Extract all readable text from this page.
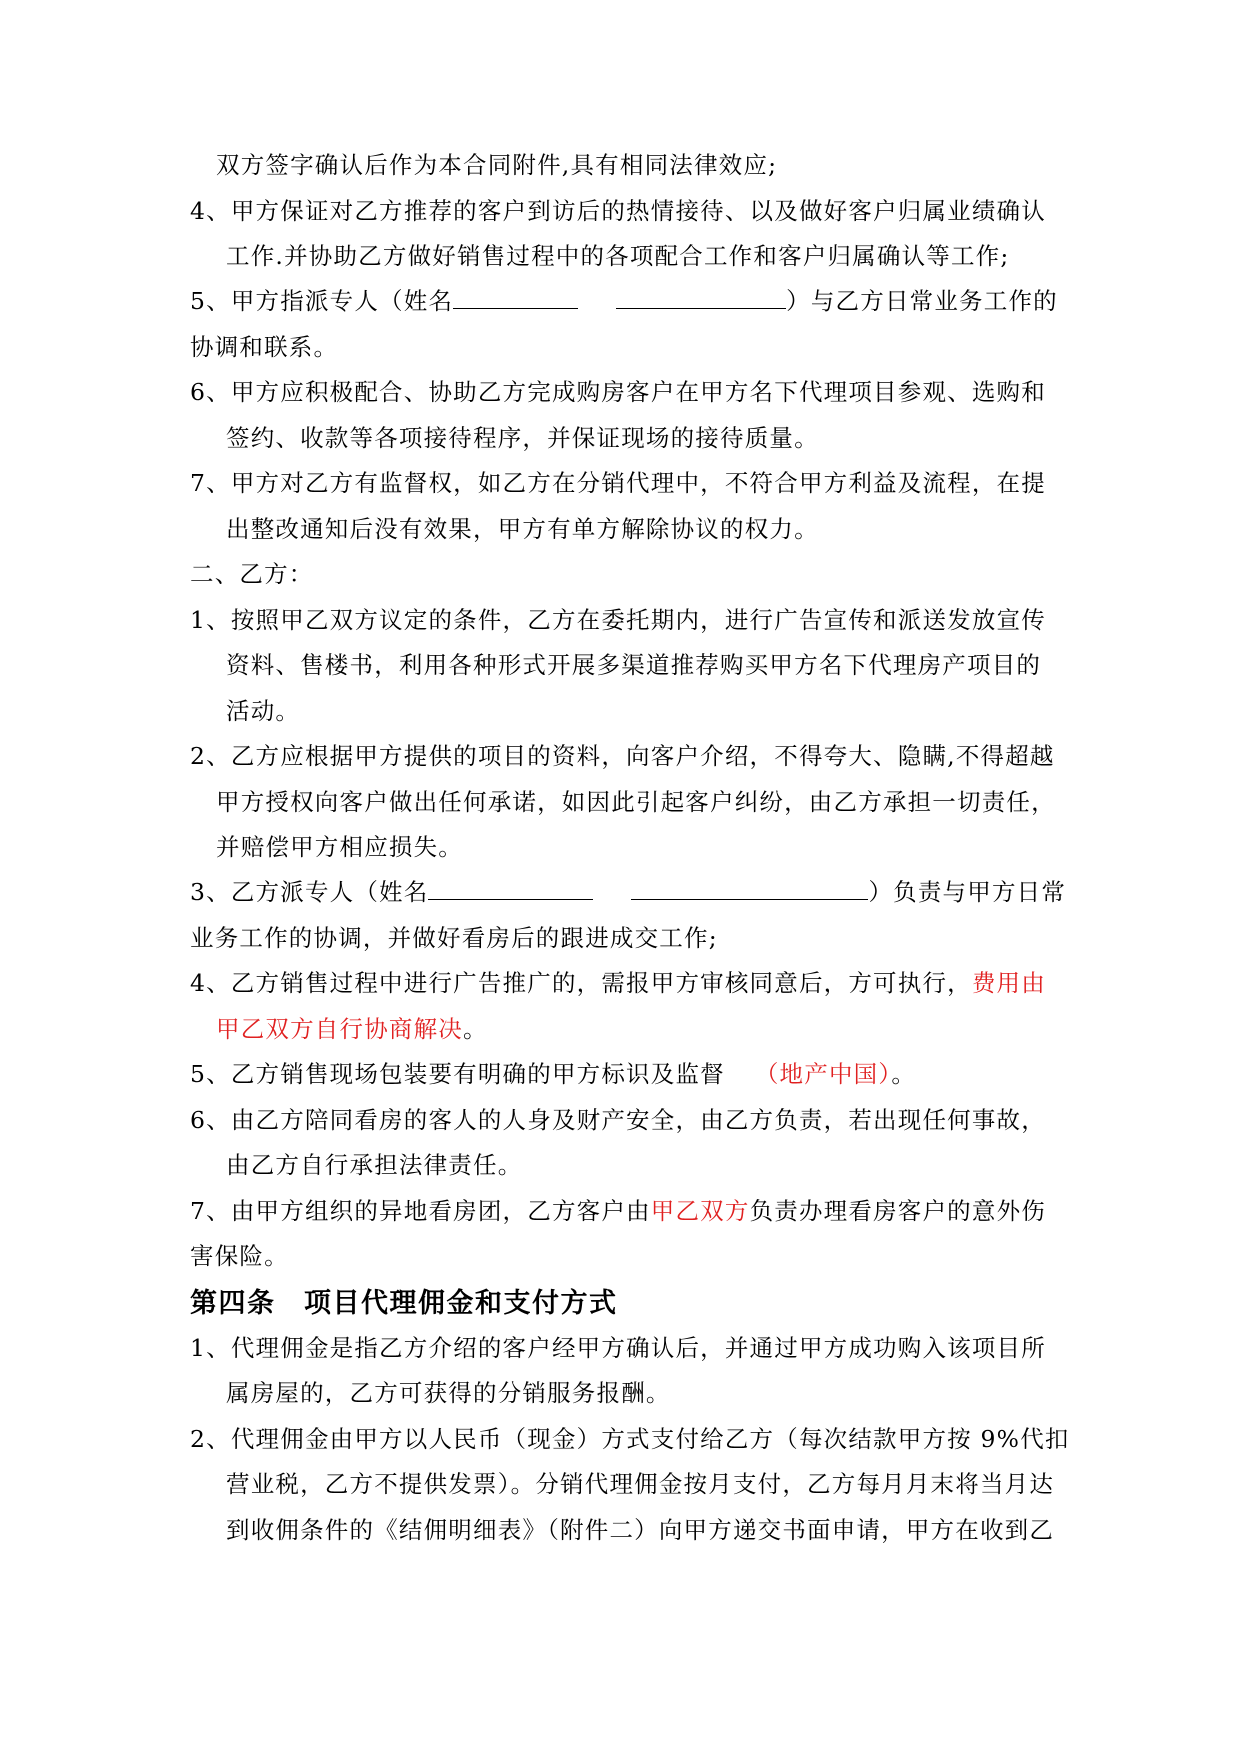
双方签字确认后作为本合同附件,具有相同法律效应;
4、甲方保证对乙方推荐的客户到访后的热情接待、以及做好客户归属业绩确认
工作.并协助乙方做好销售过程中的各项配合工作和客户归属确认等工作;
5、甲方指派专人（姓名	）与乙方日常业务工作的
协调和联系。
6、甲方应积极配合、协助乙方完成购房客户在甲方名下代理项目参观、选购和
签约、收款等各项接待程序，并保证现场的接待质量。
7、甲方对乙方有监督权，如乙方在分销代理中，不符合甲方利益及流程，在提
出整改通知后没有效果，甲方有单方解除协议的权力。
二、乙方：
1、按照甲乙双方议定的条件，乙方在委托期内，进行广告宣传和派送发放宣传
资料、售楼书，利用各种形式开展多渠道推荐购买甲方名下代理房产项目的
活动。
2、乙方应根据甲方提供的项目的资料，向客户介绍，不得夸大、隐瞒,不得超越
甲方授权向客户做出任何承诺，如因此引起客户纠纷，由乙方承担一切责任，
并赔偿甲方相应损失。
3、乙方派专人（姓名	）负责与甲方日常
业务工作的协调，并做好看房后的跟进成交工作;
4、乙方销售过程中进行广告推广的，需报甲方审核同意后，方可执行，费用由
甲乙双方自行协商解决。
5、乙方销售现场包装要有明确的甲方标识及监督 （地产中国）。
6、由乙方陪同看房的客人的人身及财产安全，由乙方负责，若出现任何事故，
由乙方自行承担法律责任。
7、由甲方组织的异地看房团，乙方客户由甲乙双方负责办理看房客户的意外伤
害保险。
第四条　项目代理佣金和支付方式
1、代理佣金是指乙方介绍的客户经甲方确认后，并通过甲方成功购入该项目所
属房屋的，乙方可获得的分销服务报酬。
2、代理佣金由甲方以人民币（现金）方式支付给乙方（每次结款甲方按 9%代扣
营业税，乙方不提供发票）。分销代理佣金按月支付，乙方每月月末将当月达
到收佣条件的《结佣明细表》（附件二）向甲方递交书面申请，甲方在收到乙
